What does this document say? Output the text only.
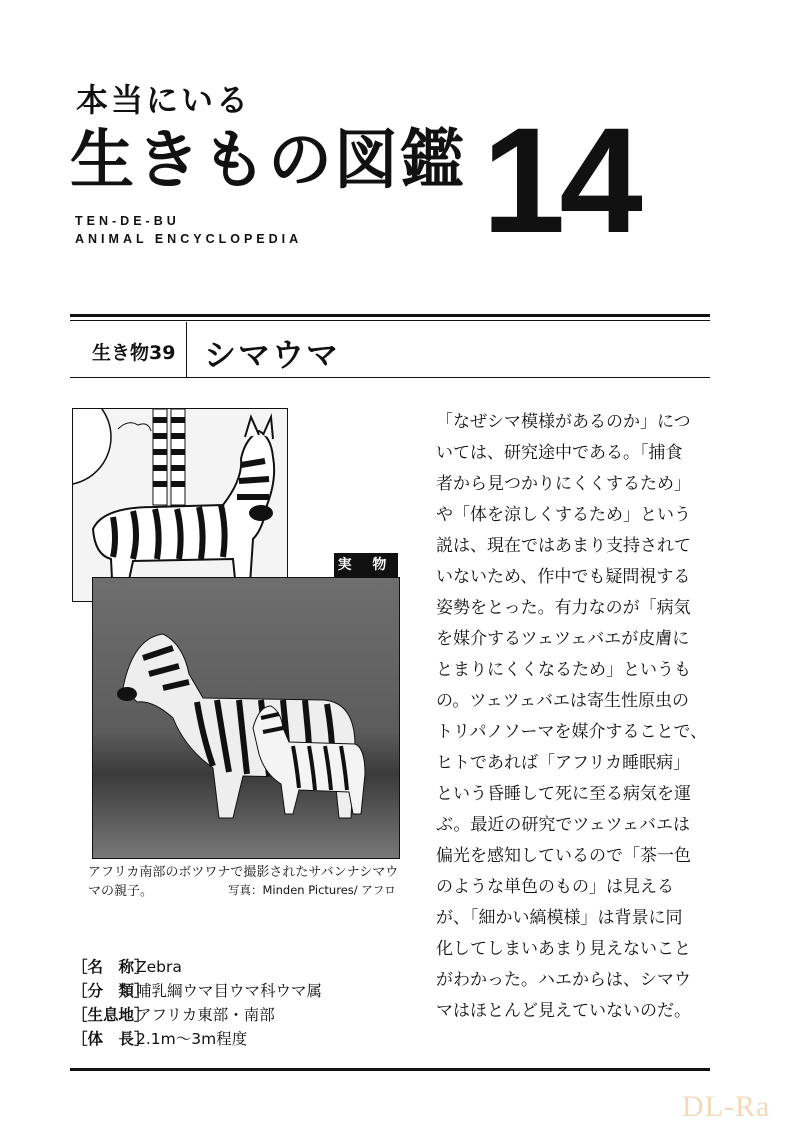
本当にいる
生きもの図鑑 14
TEN-DE-BU
ANIMAL ENCYCLOPEDIA
生き物39 シマウマ
実 物
アフリカ南部のボツワナで撮影されたサバンナシマウマの親子。	写真：Minden Pictures/ アフロ
［名　称］Zebra
［分　類］哺乳綱ウマ目ウマ科ウマ属
［生息地］アフリカ東部・南部
［体　長］2.1m〜3m程度
「なぜシマ模様があるのか」につ
いては、研究途中である。「捕食
者から見つかりにくくするため」
や「体を涼しくするため」という
説は、現在ではあまり支持されて
いないため、作中でも疑問視する
姿勢をとった。有力なのが「病気
を媒介するツェツェバエが皮膚に
とまりにくくなるため」というも
の。ツェツェバエは寄生性原虫の
トリパノソーマを媒介することで、
ヒトであれば「アフリカ睡眠病」
という昏睡して死に至る病気を運
ぶ。最近の研究でツェツェバエは
偏光を感知しているので「茶一色
のような単色のもの」は見える
が、「細かい縞模様」は背景に同
化してしまいあまり見えないこと
がわかった。ハエからは、シマウ
マはほとんど見えていないのだ。
DL-Ra
